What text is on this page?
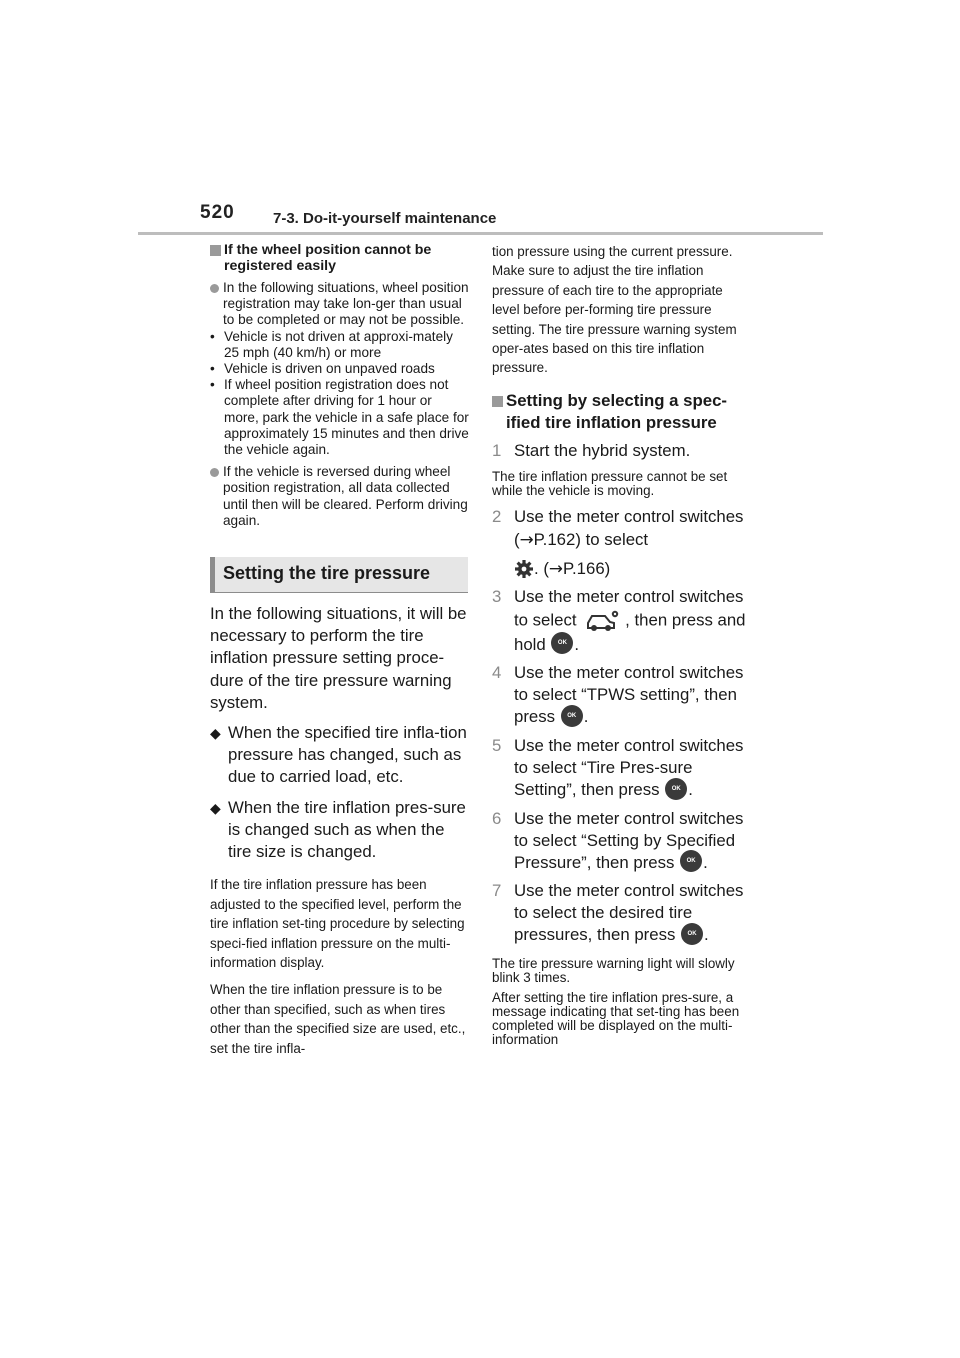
520	7-3. Do-it-yourself maintenance
If the wheel position cannot be registered easily

In the following situations, wheel position registration may take lon-ger than usual to be completed or may not be possible.

• Vehicle is not driven at approxi-mately 25 mph (40 km/h) or more
• Vehicle is driven on unpaved roads
• If wheel position registration does not complete after driving for 1 hour or more, park the vehicle in a safe place for approximately 15 minutes and then drive the vehicle again.

If the vehicle is reversed during wheel position registration, all data collected until then will be cleared. Perform driving again.

Setting the tire pressure

In the following situations, it will be necessary to perform the tire inflation pressure setting proce-dure of the tire pressure warning system.

◆ When the specified tire infla-tion pressure has changed, such as due to carried load, etc.

◆ When the tire inflation pres-sure is changed such as when the tire size is changed.

If the tire inflation pressure has been adjusted to the specified level, perform the tire inflation set-ting procedure by selecting speci-fied inflation pressure on the multi-information display.

When the tire inflation pressure is to be other than specified, such as when tires other than the specified size are used, etc., set the tire infla-

tion pressure using the current pressure. Make sure to adjust the tire inflation pressure of each tire to the appropriate level before per-forming tire pressure setting. The tire pressure warning system oper-ates based on this tire inflation pressure.

Setting by selecting a spec-ified tire inflation pressure
1 Start the hybrid system.

The tire inflation pressure cannot be set while the vehicle is moving.

2 Use the meter control switches (→P.162) to select
. (→P.166)
3 Use the meter control switches to select	, then press and hold OK .
4 Use the meter control switches to select “TPWS setting”, then press OK .
5 Use the meter control switches to select “Tire Pres-sure Setting”, then press OK .
6 Use the meter control switches to select “Setting by Specified Pressure”, then press OK .
7 Use the meter control switches to select the desired tire pressures, then press OK .

The tire pressure warning light will slowly blink 3 times.

After setting the tire inflation pres-sure, a message indicating that set-ting has been completed will be displayed on the multi-information
